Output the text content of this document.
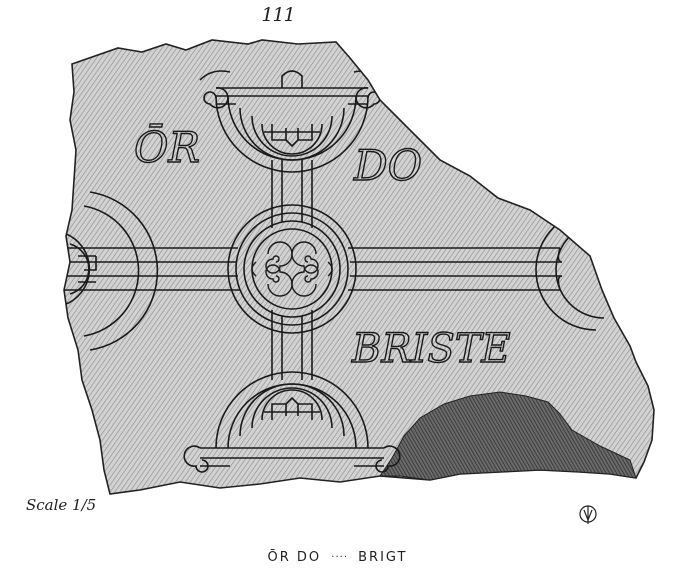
111
ŌR	DO
BRISTE
Scale 1/5
ŌR DO ···· BRIGT
